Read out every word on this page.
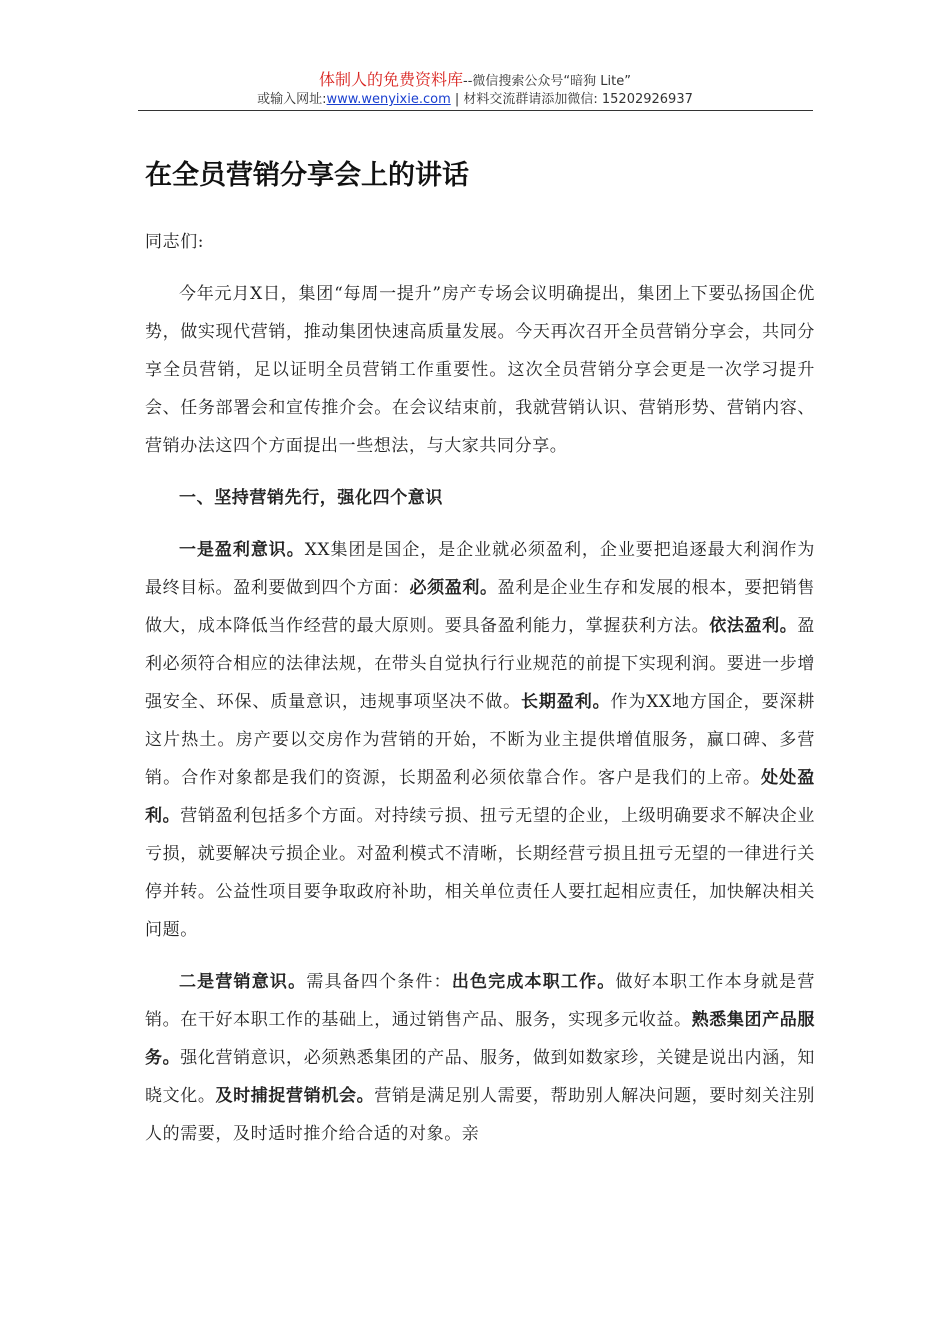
体制人的免费资料库--微信搜索公众号“暗狗 Lite”
或输入网址:www.wenyixie.com | 材料交流群请添加微信: 15202926937
在全员营销分享会上的讲话

同志们:

今年元月X日，集团“每周一提升”房产专场会议明确提出，集团上下要弘扬国企优势，做实现代营销，推动集团快速高质量发展。今天再次召开全员营销分享会，共同分享全员营销，足以证明全员营销工作重要性。这次全员营销分享会更是一次学习提升会、任务部署会和宣传推介会。在会议结束前，我就营销认识、营销形势、营销内容、营销办法这四个方面提出一些想法，与大家共同分享。

一、坚持营销先行，强化四个意识

一是盈利意识。XX集团是国企，是企业就必须盈利，企业要把追逐最大利润作为最终目标。盈利要做到四个方面：必须盈利。盈利是企业生存和发展的根本，要把销售做大，成本降低当作经营的最大原则。要具备盈利能力，掌握获利方法。依法盈利。盈利必须符合相应的法律法规，在带头自觉执行行业规范的前提下实现利润。要进一步增强安全、环保、质量意识，违规事项坚决不做。长期盈利。作为XX地方国企，要深耕这片热土。房产要以交房作为营销的开始，不断为业主提供增值服务，赢口碑、多营销。合作对象都是我们的资源，长期盈利必须依靠合作。客户是我们的上帝。处处盈利。营销盈利包括多个方面。对持续亏损、扭亏无望的企业，上级明确要求不解决企业亏损，就要解决亏损企业。对盈利模式不清晰，长期经营亏损且扭亏无望的一律进行关停并转。公益性项目要争取政府补助，相关单位责任人要扛起相应责任，加快解决相关问题。

二是营销意识。需具备四个条件：出色完成本职工作。做好本职工作本身就是营销。在干好本职工作的基础上，通过销售产品、服务，实现多元收益。熟悉集团产品服务。强化营销意识，必须熟悉集团的产品、服务，做到如数家珍，关键是说出内涵，知晓文化。及时捕捉营销机会。营销是满足别人需要，帮助别人解决问题，要时刻关注别人的需要，及时适时推介给合适的对象。亲
